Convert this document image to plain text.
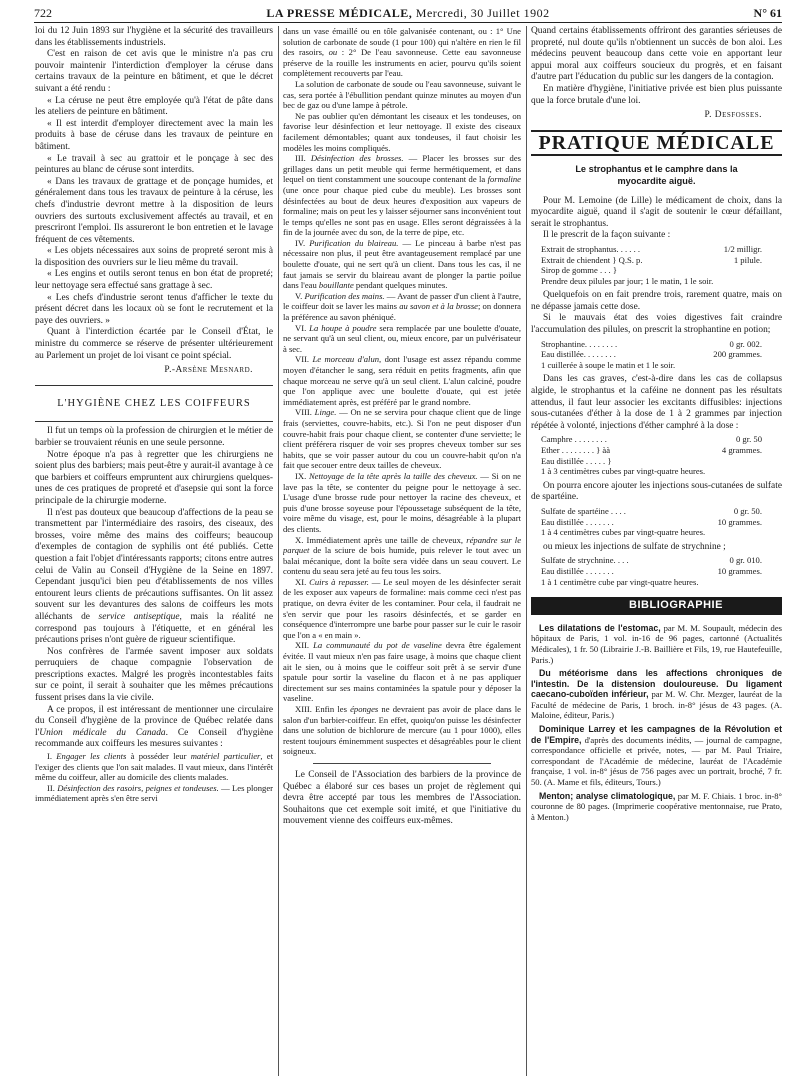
722	LA PRESSE MÉDICALE, Mercredi, 30 Juillet 1902	N° 61

loi du 12 Juin 1893 sur l'hygiène et la sécurité des travailleurs dans les établissements industriels.

C'est en raison de cet avis que le ministre n'a pas cru pouvoir maintenir l'interdiction d'employer la céruse dans certains travaux de la peinture en bâtiment, et que le décret suivant a été rendu :

« La céruse ne peut être employée qu'à l'état de pâte dans les ateliers de peinture en bâtiment.

« Il est interdit d'employer directement avec la main les produits à base de céruse dans les travaux de peinture en bâtiment.

« Le travail à sec au grattoir et le ponçage à sec des peintures au blanc de céruse sont interdits.

« Dans les travaux de grattage et de ponçage humides, et généralement dans tous les travaux de peinture à la céruse, les chefs d'industrie devront mettre à la disposition de leurs ouvriers des surtouts exclusivement affectés au travail, et en prescriront l'emploi. Ils assureront le bon entretien et le lavage fréquent de ces vêtements.

« Les objets nécessaires aux soins de propreté seront mis à la disposition des ouvriers sur le lieu même du travail.

« Les engins et outils seront tenus en bon état de propreté; leur nettoyage sera effectué sans grattage à sec.

« Les chefs d'industrie seront tenus d'afficher le texte du présent décret dans les locaux où se font le recrutement et la paye des ouvriers. »

Quant à l'interdiction écartée par le Conseil d'État, le ministre du commerce se réserve de présenter ultérieurement au Parlement un projet de loi visant ce point spécial.

P.-Arsène Mesnard.

L'HYGIÈNE CHEZ LES COIFFEURS

Il fut un temps où la profession de chirurgien et le métier de barbier se trouvaient réunis en une seule personne.

Notre époque n'a pas à regretter que les chirurgiens ne soient plus des barbiers; mais peut-être y aurait-il avantage à ce que barbiers et coiffeurs empruntent aux chirurgiens quelques-unes de ces pratiques de propreté et d'asepsie qui sont la force principale de la chirurgie moderne.

Il n'est pas douteux que beaucoup d'affections de la peau se transmettent par l'intermédiaire des rasoirs, des ciseaux, des brosses, voire même des mains des coiffeurs; beaucoup d'exemples de contagion de syphilis ont été publiés. Cette question a fait l'objet d'intéressants rapports; citons entre autres celui de Valin au Conseil d'Hygiène de la Seine en 1897. Cependant jusqu'ici bien peu d'établissements de nos villes entourent leurs clients de précautions suffisantes. On lit assez souvent sur les devantures des salons de coiffeurs les mots alléchants de service antiseptique, mais la réalité ne correspond pas toujours à l'étiquette, et en général les précautions prises n'ont guère de rigueur scientifique.

Nos confrères de l'armée savent imposer aux soldats perruquiers de chaque compagnie l'observation de prescriptions exactes. Malgré les progrès incontestables faits sur ce point, il serait à souhaiter que les mêmes précautions fussent prises dans la vie civile.

A ce propos, il est intéressant de mentionner une circulaire du Conseil d'hygiène de la province de Québec relatée dans l'Union médicale du Canada. Ce Conseil d'hygiène recommande aux coiffeurs les mesures suivantes :

I. Engager les clients à posséder leur matériel particulier, et l'exiger des clients que l'on sait malades. Il vaut mieux, dans l'intérêt même du coiffeur, aller au domicile des clients malades.

II. Désinfection des rasoirs, peignes et tondeuses. — Les plonger immédiatement après s'en être servi

dans un vase émaillé ou en tôle galvanisée contenant, ou : 1° Une solution de carbonate de soude (1 pour 100) qui n'altère en rien le fil des rasoirs, ou : 2° De l'eau savonneuse. Cette eau savonneuse préserve de la rouille les instruments en acier, pourvu qu'ils soient complètement recouverts par l'eau.

La solution de carbonate de soude ou l'eau savonneuse, suivant le cas, sera portée à l'ébullition pendant quinze minutes au moyen d'un bec de gaz ou d'une lampe à pétrole.

Ne pas oublier qu'en démontant les ciseaux et les tondeuses, on favorise leur désinfection et leur nettoyage. Il existe des ciseaux facilement démontables; quant aux tondeuses, il faut choisir les modèles les moins compliqués.

III. Désinfection des brosses. — Placer les brosses sur des grillages dans un petit meuble qui ferme hermétiquement, et dans lequel on tient constamment une soucoupe contenant de la formaline (une once pour chaque pied cube du meuble). Les brosses sont désinfectées au bout de deux heures d'exposition aux vapeurs de formaline; mais on peut les y laisser séjourner sans inconvénient tout le temps qu'elles ne sont pas en usage. Elles seront dégraissées à la fin de la journée avec du son, de la terre de pipe, etc.

IV. Purification du blaireau. — Le pinceau à barbe n'est pas nécessaire non plus, il peut être avantageusement remplacé par une boulette d'ouate, qui ne sert qu'à un client. Dans tous les cas, il ne faut jamais se servir du blaireau avant de plonger la partie poilue dans l'eau bouillante pendant quelques minutes.

V. Purification des mains. — Avant de passer d'un client à l'autre, le coiffeur doit se laver les mains au savon et à la brosse; on donnera la préférence au savon phéniqué.

VI. La houpe à poudre sera remplacée par une boulette d'ouate, ne servant qu'à un seul client, ou, mieux encore, par un pulvérisateur à sec.

VII. Le morceau d'alun, dont l'usage est assez répandu comme moyen d'étancher le sang, sera réduit en petits fragments, afin que chaque morceau ne serve qu'à un seul client. L'alun calciné, poudre que l'on applique avec une boulette d'ouate, qui est jetée immédiatement après, est préféré par le grand nombre.

VIII. Linge. — On ne se servira pour chaque client que de linge frais (serviettes, couvre-habits, etc.). Si l'on ne peut disposer d'un couvre-habit frais pour chaque client, se contenter d'une serviette; le client préférera risquer de voir ses propres cheveux tomber sur ses habits, que se voir passer autour du cou un couvre-habit qu'on n'a fait que secouer entre deux tailles de cheveux.

IX. Nettoyage de la tête après la taille des cheveux. — Si on ne lave pas la tête, se contenter du peigne pour le nettoyage à sec. L'usage d'une brosse rude pour nettoyer la racine des cheveux, et puis d'une brosse soyeuse pour l'époussetage subséquent de la tête, voire même du visage, est, pour le moins, désagréable à la plupart des clients.

X. Immédiatement après une taille de cheveux, répandre sur le parquet de la sciure de bois humide, puis relever le tout avec un balai mécanique, dont la boîte sera vidée dans un seau couvert. Le contenu du seau sera jeté au feu tous les soirs.

XI. Cuirs à repasser. — Le seul moyen de les désinfecter serait de les exposer aux vapeurs de formaline: mais comme ceci n'est pas pratique, on devra éviter de les contaminer. Pour cela, il faudrait ne s'en servir que pour les rasoirs désinfectés, et se garder en conséquence d'interrompre une barbe pour passer sur le cuir le rasoir que l'on a « en main ».

XII. La communauté du pot de vaseline devra être également évitée. Il vaut mieux n'en pas faire usage, à moins que chaque client ait le sien, ou à moins que le coiffeur soit prêt à se servir d'une spatule pour sortir la vaseline du flacon et à ne pas appliquer directement sur ses mains contaminées la spatule pour y déposer la vaseline.

XIII. Enfin les éponges ne devraient pas avoir de place dans le salon d'un barbier-coiffeur. En effet, quoiqu'on puisse les désinfecter dans une solution de bichlorure de mercure (au 1 pour 1000), elles restent toujours éminemment suspectes et désagréables pour le client soigneux.

Le Conseil de l'Association des barbiers de la province de Québec a élaboré sur ces bases un projet de règlement qui devra être accepté par tous les membres de l'Association. Souhaitons que cet exemple soit imité, et que l'initiative du mouvement vienne des coiffeurs eux-mêmes.

Quand certains établissements offriront des garanties sérieuses de propreté, nul doute qu'ils n'obtiennent un succès de bon aloi. Les médecins peuvent beaucoup dans cette voie en apportant leur appui moral aux coiffeurs soucieux du progrès, et en faisant d'autre part l'éducation du public sur les dangers de la contagion.

En matière d'hygiène, l'initiative privée est bien plus puissante que la force brutale d'une loi.

P. Desfosses.

PRATIQUE MÉDICALE
Le strophantus et le camphre dans la
myocardite aiguë.

Pour M. Lemoine (de Lille) le médicament de choix, dans la myocardite aiguë, quand il s'agit de soutenir le cœur défaillant, serait le strophantus.

Il le prescrit de la façon suivante :

Extrait de strophantus. . . . . .	1/2 milligr.
Extrait de chiendent } Q.S. p.	1 pilule.
Sirop de gomme . . . }
Prendre deux pilules par jour; 1 le matin, 1 le soir.

Quelquefois on en fait prendre trois, rarement quatre, mais on ne dépasse jamais cette dose.

Si le mauvais état des voies digestives fait craindre l'accumulation des pilules, on prescrit la strophantine en potion;

Strophantine. . . . . . . .	0 gr. 002.
Eau distillée. . . . . . . .	200 grammes.
1 cuillerée à soupe le matin et 1 le soir.

Dans les cas graves, c'est-à-dire dans les cas de collapsus algide, le strophantus et la caféine ne donnent pas les résultats attendus, il faut leur associer les excitants diffusibles: injections sous-cutanées d'éther à la dose de 1 à 2 grammes par injection répétée à volonté, injections d'éther camphré à la dose :

Camphre . . . . . . . .	0 gr. 50
Ether . . . . . . . . } àà	4 grammes.
Eau distillée . . . . . }
1 à 3 centimètres cubes par vingt-quatre heures.

On pourra encore ajouter les injections sous-cutanées de sulfate de spartéine.

Sulfate de spartéine . . . .	0 gr. 50.
Eau distillée . . . . . . .	10 grammes.
1 à 4 centimètres cubes par vingt-quatre heures.

ou mieux les injections de sulfate de strychnine ;

Sulfate de strychnine. . . .	0 gr. 010.
Eau distillée . . . . . . .	10 grammes.
1 à 1 centimètre cube par vingt-quatre heures.
BIBLIOGRAPHIE

Les dilatations de l'estomac, par M. M. Soupault, médecin des hôpitaux de Paris, 1 vol. in-16 de 96 pages, cartonné (Actualités Médicales), 1 fr. 50 (Librairie J.-B. Baillière et Fils, 19, rue Hautefeuille, Paris.)

Du météorisme dans les affections chroniques de l'intestin. De la distension douloureuse. Du ligament caecano-cuboïden inférieur, par M. W. Chr. Mezger, lauréat de la Faculté de médecine de Paris, 1 broch. in-8° jésus de 43 pages. (A. Maloine, éditeur, Paris.)

Dominique Larrey et les campagnes de la Révolution et de l'Empire, d'après des documents inédits, — journal de campagne, correspondance officielle et privée, notes, — par M. Paul Triaire, correspondant de l'Académie de médecine, lauréat de l'Académie française, 1 vol. in-8° jésus de 756 pages avec un portrait, broché, 7 fr. 50. (A. Mame et fils, éditeurs, Tours.)

Menton; analyse climatologique, par M. F. Chiais. 1 broc. in-8° couronne de 80 pages. (Imprimerie coopérative mentonnaise, rue Prato, à Menton.)
